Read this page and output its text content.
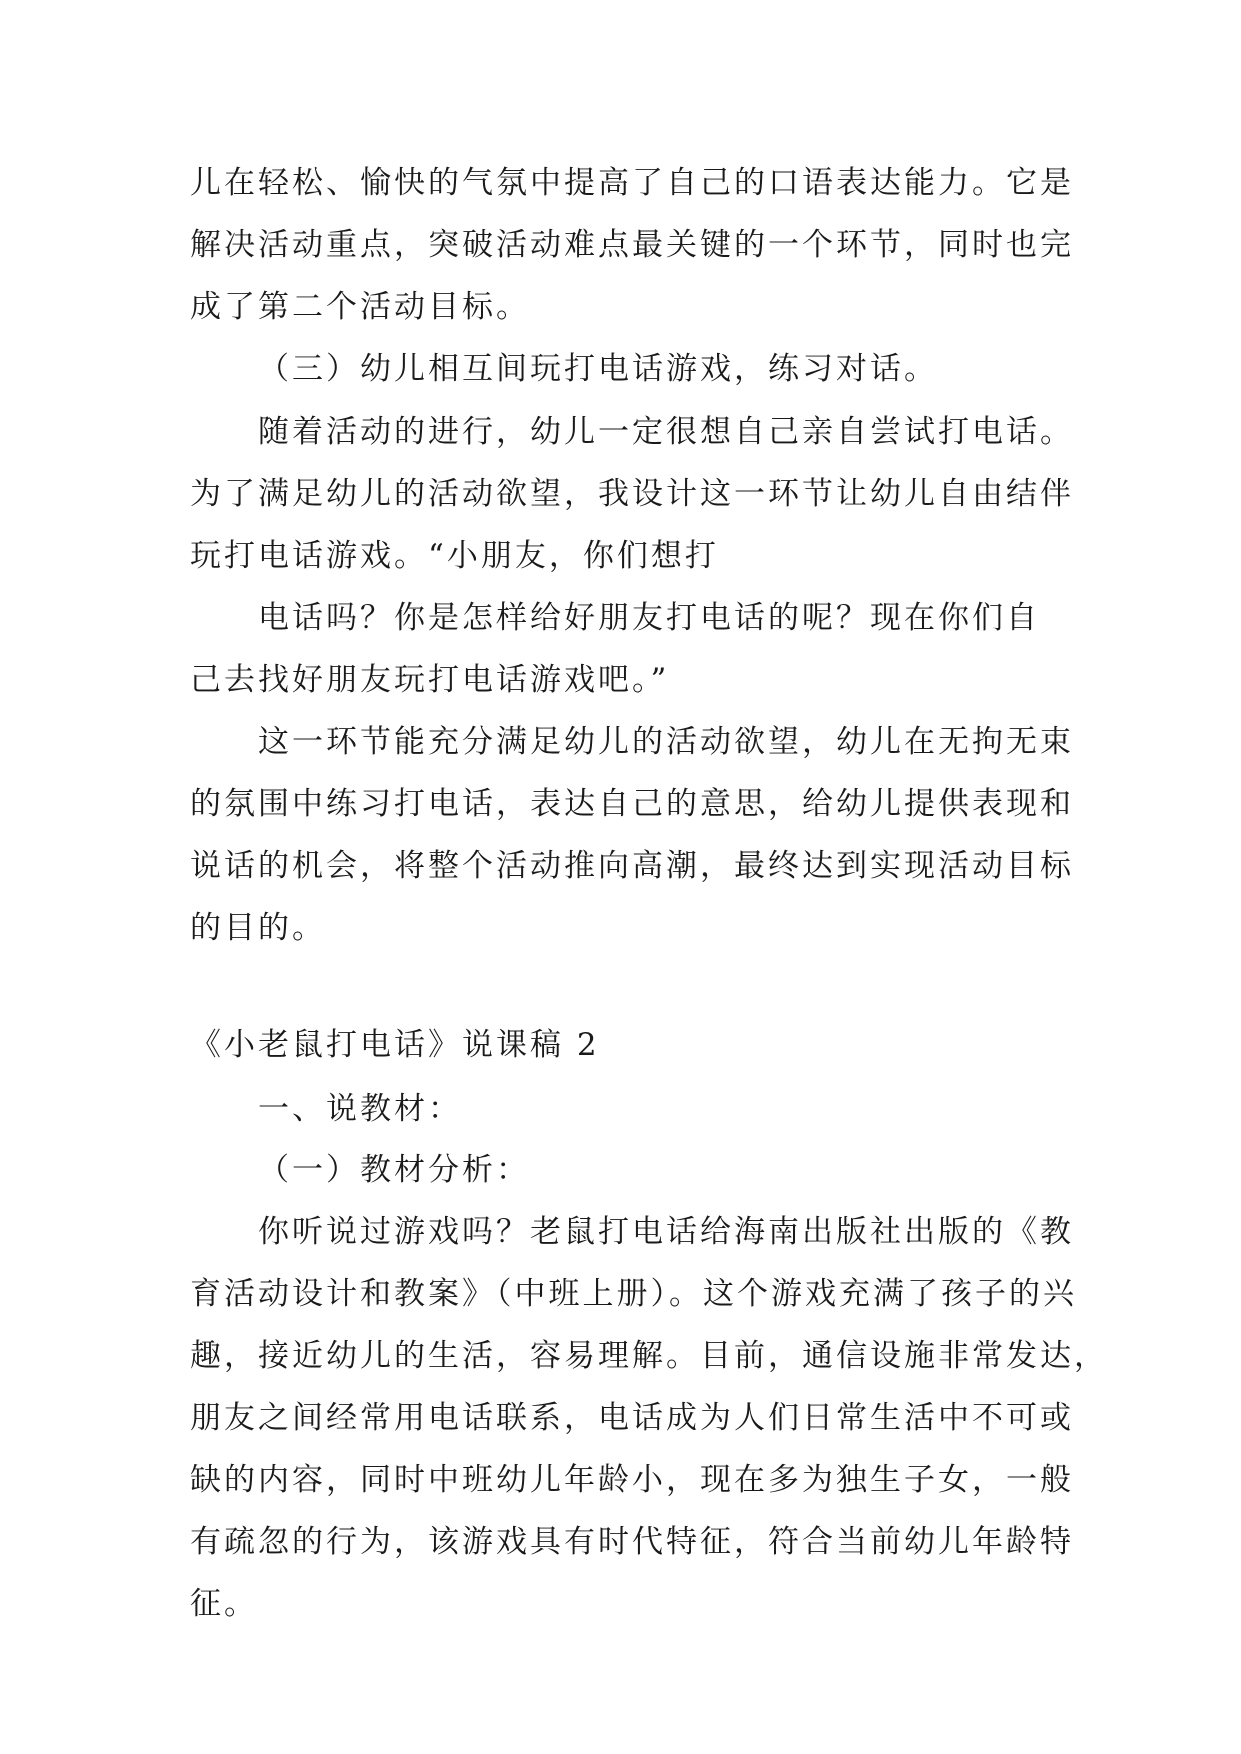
儿在轻松、愉快的气氛中提高了自己的口语表达能力。它是
解决活动重点，突破活动难点最关键的一个环节，同时也完
成了第二个活动目标。
（三）幼儿相互间玩打电话游戏，练习对话。
随着活动的进行，幼儿一定很想自己亲自尝试打电话。
为了满足幼儿的活动欲望，我设计这一环节让幼儿自由结伴
玩打电话游戏。“小朋友，你们想打
电话吗？你是怎样给好朋友打电话的呢？现在你们自
己去找好朋友玩打电话游戏吧。”
这一环节能充分满足幼儿的活动欲望，幼儿在无拘无束
的氛围中练习打电话，表达自己的意思，给幼儿提供表现和
说话的机会，将整个活动推向高潮，最终达到实现活动目标
的目的。
《小老鼠打电话》说课稿 2
一、说教材：
（一）教材分析：
你听说过游戏吗？老鼠打电话给海南出版社出版的《教
育活动设计和教案》（中班上册）。这个游戏充满了孩子的兴
趣，接近幼儿的生活，容易理解。目前，通信设施非常发达，
朋友之间经常用电话联系，电话成为人们日常生活中不可或
缺的内容，同时中班幼儿年龄小，现在多为独生子女，一般
有疏忽的行为，该游戏具有时代特征，符合当前幼儿年龄特
征。
